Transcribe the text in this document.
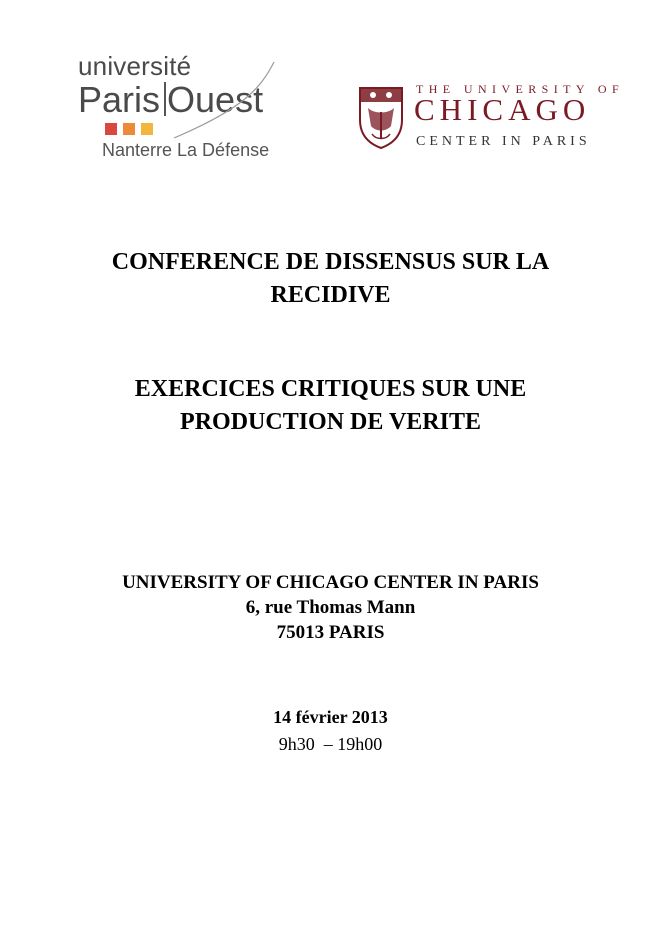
université
Paris Ouest
Nanterre La Défense
THE UNIVERSITY OF
CHICAGO
CENTER IN PARIS
CONFERENCE DE DISSENSUS SUR LA
RECIDIVE
EXERCICES CRITIQUES SUR UNE
PRODUCTION DE VERITE
UNIVERSITY OF CHICAGO CENTER IN PARIS
6, rue Thomas Mann
75013 PARIS
14 février 2013
9h30  – 19h00
